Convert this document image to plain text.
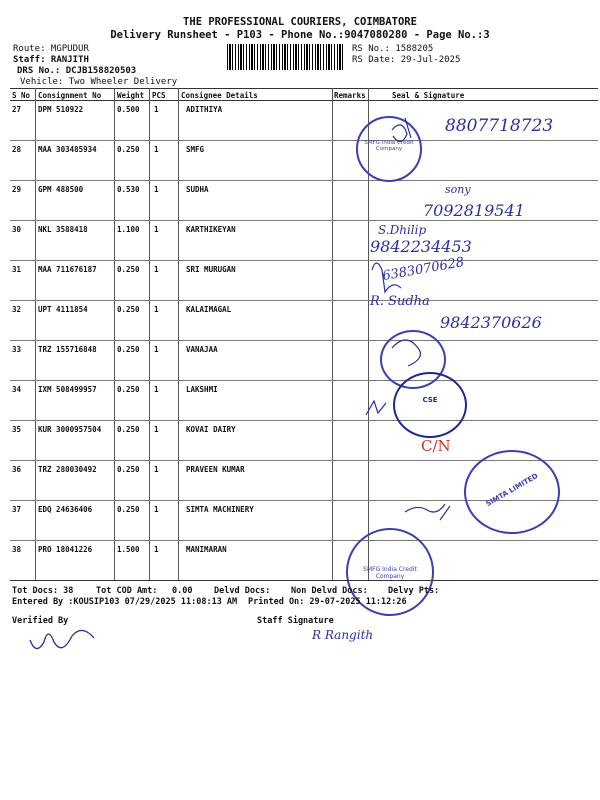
THE PROFESSIONAL COURIERS, COIMBATORE
Delivery Runsheet - P103 - Phone No.:9047080280 - Page No.:3
Route: MGPUDUR
Staff: RANJITH
DRS No.: DCJB158820503
Vehicle: Two Wheeler Delivery
RS No.: 1588205
RS Date: 29-Jul-2025
S No Consignment No Weight PCS Consignee Details	Remarks	Seal & Signature
27 DPM 510922	0.500 1	ADITHIYA
28 MAA 303485934	0.250 1	SMFG
29 GPM 488500	0.530 1	SUDHA
30 NKL 3588418	1.100 1	KARTHIKEYAN
31 MAA 711676187	0.250 1	SRI MURUGAN
32 UPT 4111854	0.250 1	KALAIMAGAL
33 TRZ 155716848	0.250 1	VANAJAA
34 IXM 508499957	0.250 1	LAKSHMI
35 KUR 3000957504 0.250 1	KOVAI DAIRY
36 TRZ 280030492	0.250 1	PRAVEEN KUMAR
37 EDQ 24636406	0.250 1	SIMTA MACHINERY
38 PRO 18041226	1.500 1	MANIMARAN
SMFG India Credit Company
8807718723
sony
7092819541
S.Dhilip
9842234453
6383070628
R. Sudha
9842370626
CSE
C/N
SIMTA LIMITED
SMFG India Credit Company
Tot Docs: 38	Tot COD Amt: 0.00	Delvd Docs: Non Delvd Docs: Delvy Pts:
Entered By :KOUSIP103 07/29/2025 11:08:13 AM Printed On: 29-07-2025 11:12:26
Verified By	Staff Signature
R Rangith
